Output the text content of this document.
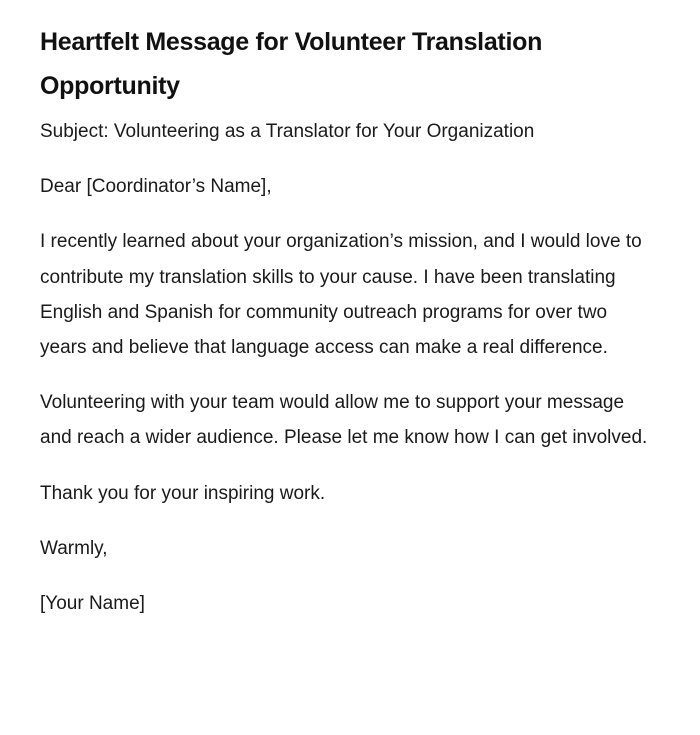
Heartfelt Message for Volunteer Translation Opportunity

Subject: Volunteering as a Translator for Your Organization

Dear [Coordinator’s Name],

I recently learned about your organization’s mission, and I would love to contribute my translation skills to your cause. I have been translating English and Spanish for community outreach programs for over two years and believe that language access can make a real difference.

Volunteering with your team would allow me to support your message and reach a wider audience. Please let me know how I can get involved.

Thank you for your inspiring work.

Warmly,

[Your Name]
